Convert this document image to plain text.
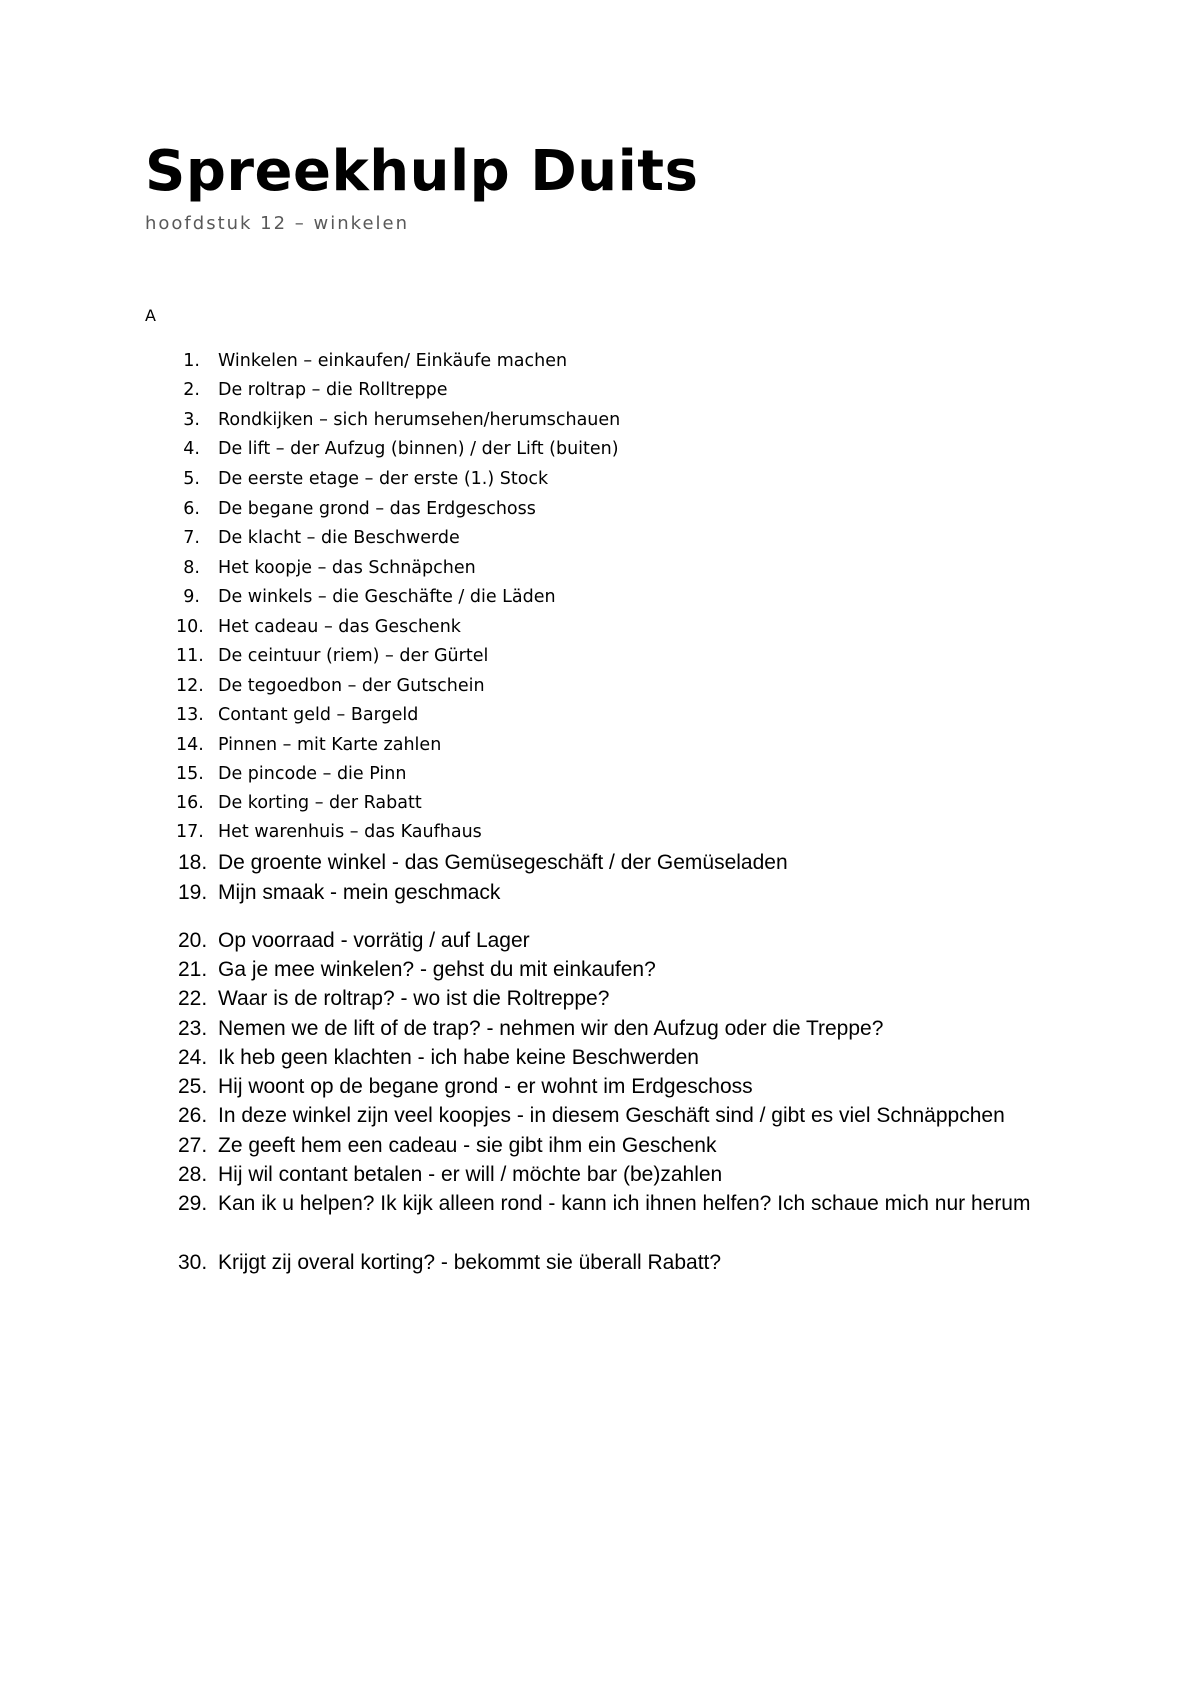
Spreekhulp Duits
hoofdstuk 12 – winkelen
A
1. Winkelen – einkaufen/ Einkäufe machen
2. De roltrap – die Rolltreppe
3. Rondkijken – sich herumsehen/herumschauen
4. De lift – der Aufzug (binnen) / der Lift (buiten)
5. De eerste etage – der erste (1.) Stock
6. De begane grond – das Erdgeschoss
7. De klacht – die Beschwerde
8. Het koopje – das Schnäpchen
9. De winkels – die Geschäfte / die Läden
10. Het cadeau – das Geschenk
11. De ceintuur (riem) – der Gürtel
12. De tegoedbon – der Gutschein
13. Contant geld – Bargeld
14. Pinnen – mit Karte zahlen
15. De pincode – die Pinn
16. De korting – der Rabatt
17. Het warenhuis – das Kaufhaus
18. De groente winkel - das Gemüsegeschäft / der Gemüseladen
19. Mijn smaak - mein geschmack
20. Op voorraad - vorrätig / auf Lager
21. Ga je mee winkelen? - gehst du mit einkaufen?
22. Waar is de roltrap? - wo ist die Roltreppe?
23. Nemen we de lift of de trap? - nehmen wir den Aufzug oder die Treppe?
24. Ik heb geen klachten - ich habe keine Beschwerden
25. Hij woont op de begane grond - er wohnt im Erdgeschoss
26. In deze winkel zijn veel koopjes - in diesem Geschäft sind / gibt es viel Schnäppchen
27. Ze geeft hem een cadeau - sie gibt ihm ein Geschenk
28. Hij wil contant betalen - er will / möchte bar (be)zahlen
29. Kan ik u helpen? Ik kijk alleen rond - kann ich ihnen helfen? Ich schaue mich nur herum
30. Krijgt zij overal korting? - bekommt sie überall Rabatt?
